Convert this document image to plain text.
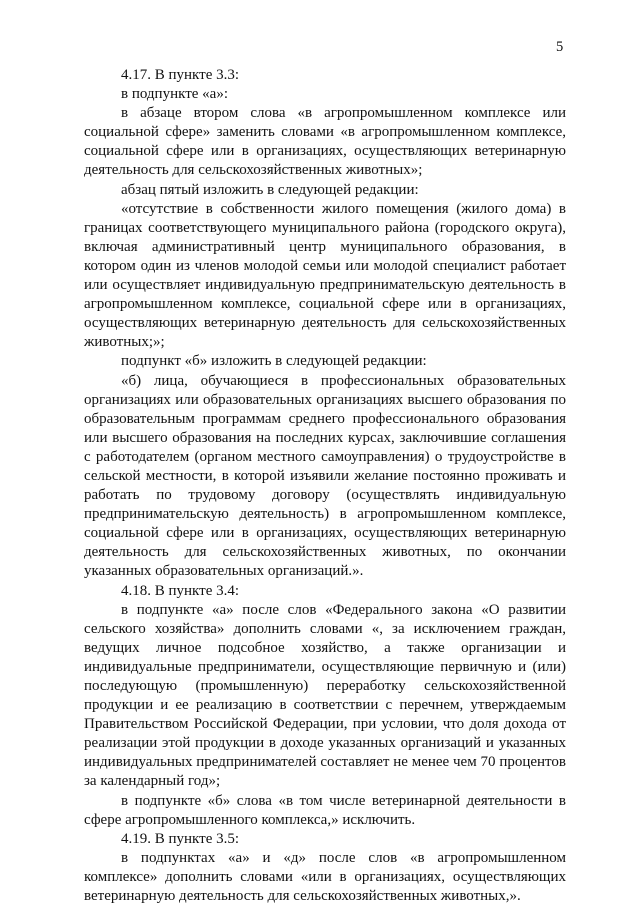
5

4.17. В пункте 3.3:

в подпункте «а»:

в абзаце втором слова «в агропромышленном комплексе или социальной сфере» заменить словами «в агропромышленном комплексе, социальной сфере или в организациях, осуществляющих ветеринарную деятельность для сельскохозяйственных животных»;

абзац пятый изложить в следующей редакции:

«отсутствие в собственности жилого помещения (жилого дома) в границах соответствующего муниципального района (городского округа), включая административный центр муниципального образования, в котором один из членов молодой семьи или молодой специалист работает или осуществляет индивидуальную предпринимательскую деятельность в агропромышленном комплексе, социальной сфере или в организациях, осуществляющих ветеринарную деятельность для сельскохозяйственных животных;»;

подпункт «б» изложить в следующей редакции:

«б) лица, обучающиеся в профессиональных образовательных организациях или образовательных организациях высшего образования по образовательным программам среднего профессионального образования или высшего образования на последних курсах, заключившие соглашения с работодателем (органом местного самоуправления) о трудоустройстве в сельской местности, в которой изъявили желание постоянно проживать и работать по трудовому договору (осуществлять индивидуальную предпринимательскую деятельность) в агропромышленном комплексе, социальной сфере или в организациях, осуществляющих ветеринарную деятельность для сельскохозяйственных животных, по окончании указанных образовательных организаций.».

4.18. В пункте 3.4:

в подпункте «а» после слов «Федерального закона «О развитии сельского хозяйства» дополнить словами «, за исключением граждан, ведущих личное подсобное хозяйство, а также организации и индивидуальные предприниматели, осуществляющие первичную и (или) последующую (промышленную) переработку сельскохозяйственной продукции и ее реализацию в соответствии с перечнем, утверждаемым Правительством Российской Федерации, при условии, что доля дохода от реализации этой продукции в доходе указанных организаций и указанных индивидуальных предпринимателей составляет не менее чем 70 процентов за календарный год»;

в подпункте «б» слова «в том числе ветеринарной деятельности в сфере агропромышленного комплекса,» исключить.

4.19. В пункте 3.5:

в подпунктах «а» и «д» после слов «в агропромышленном комплексе» дополнить словами «или в организациях, осуществляющих ветеринарную деятельность для сельскохозяйственных животных,».
